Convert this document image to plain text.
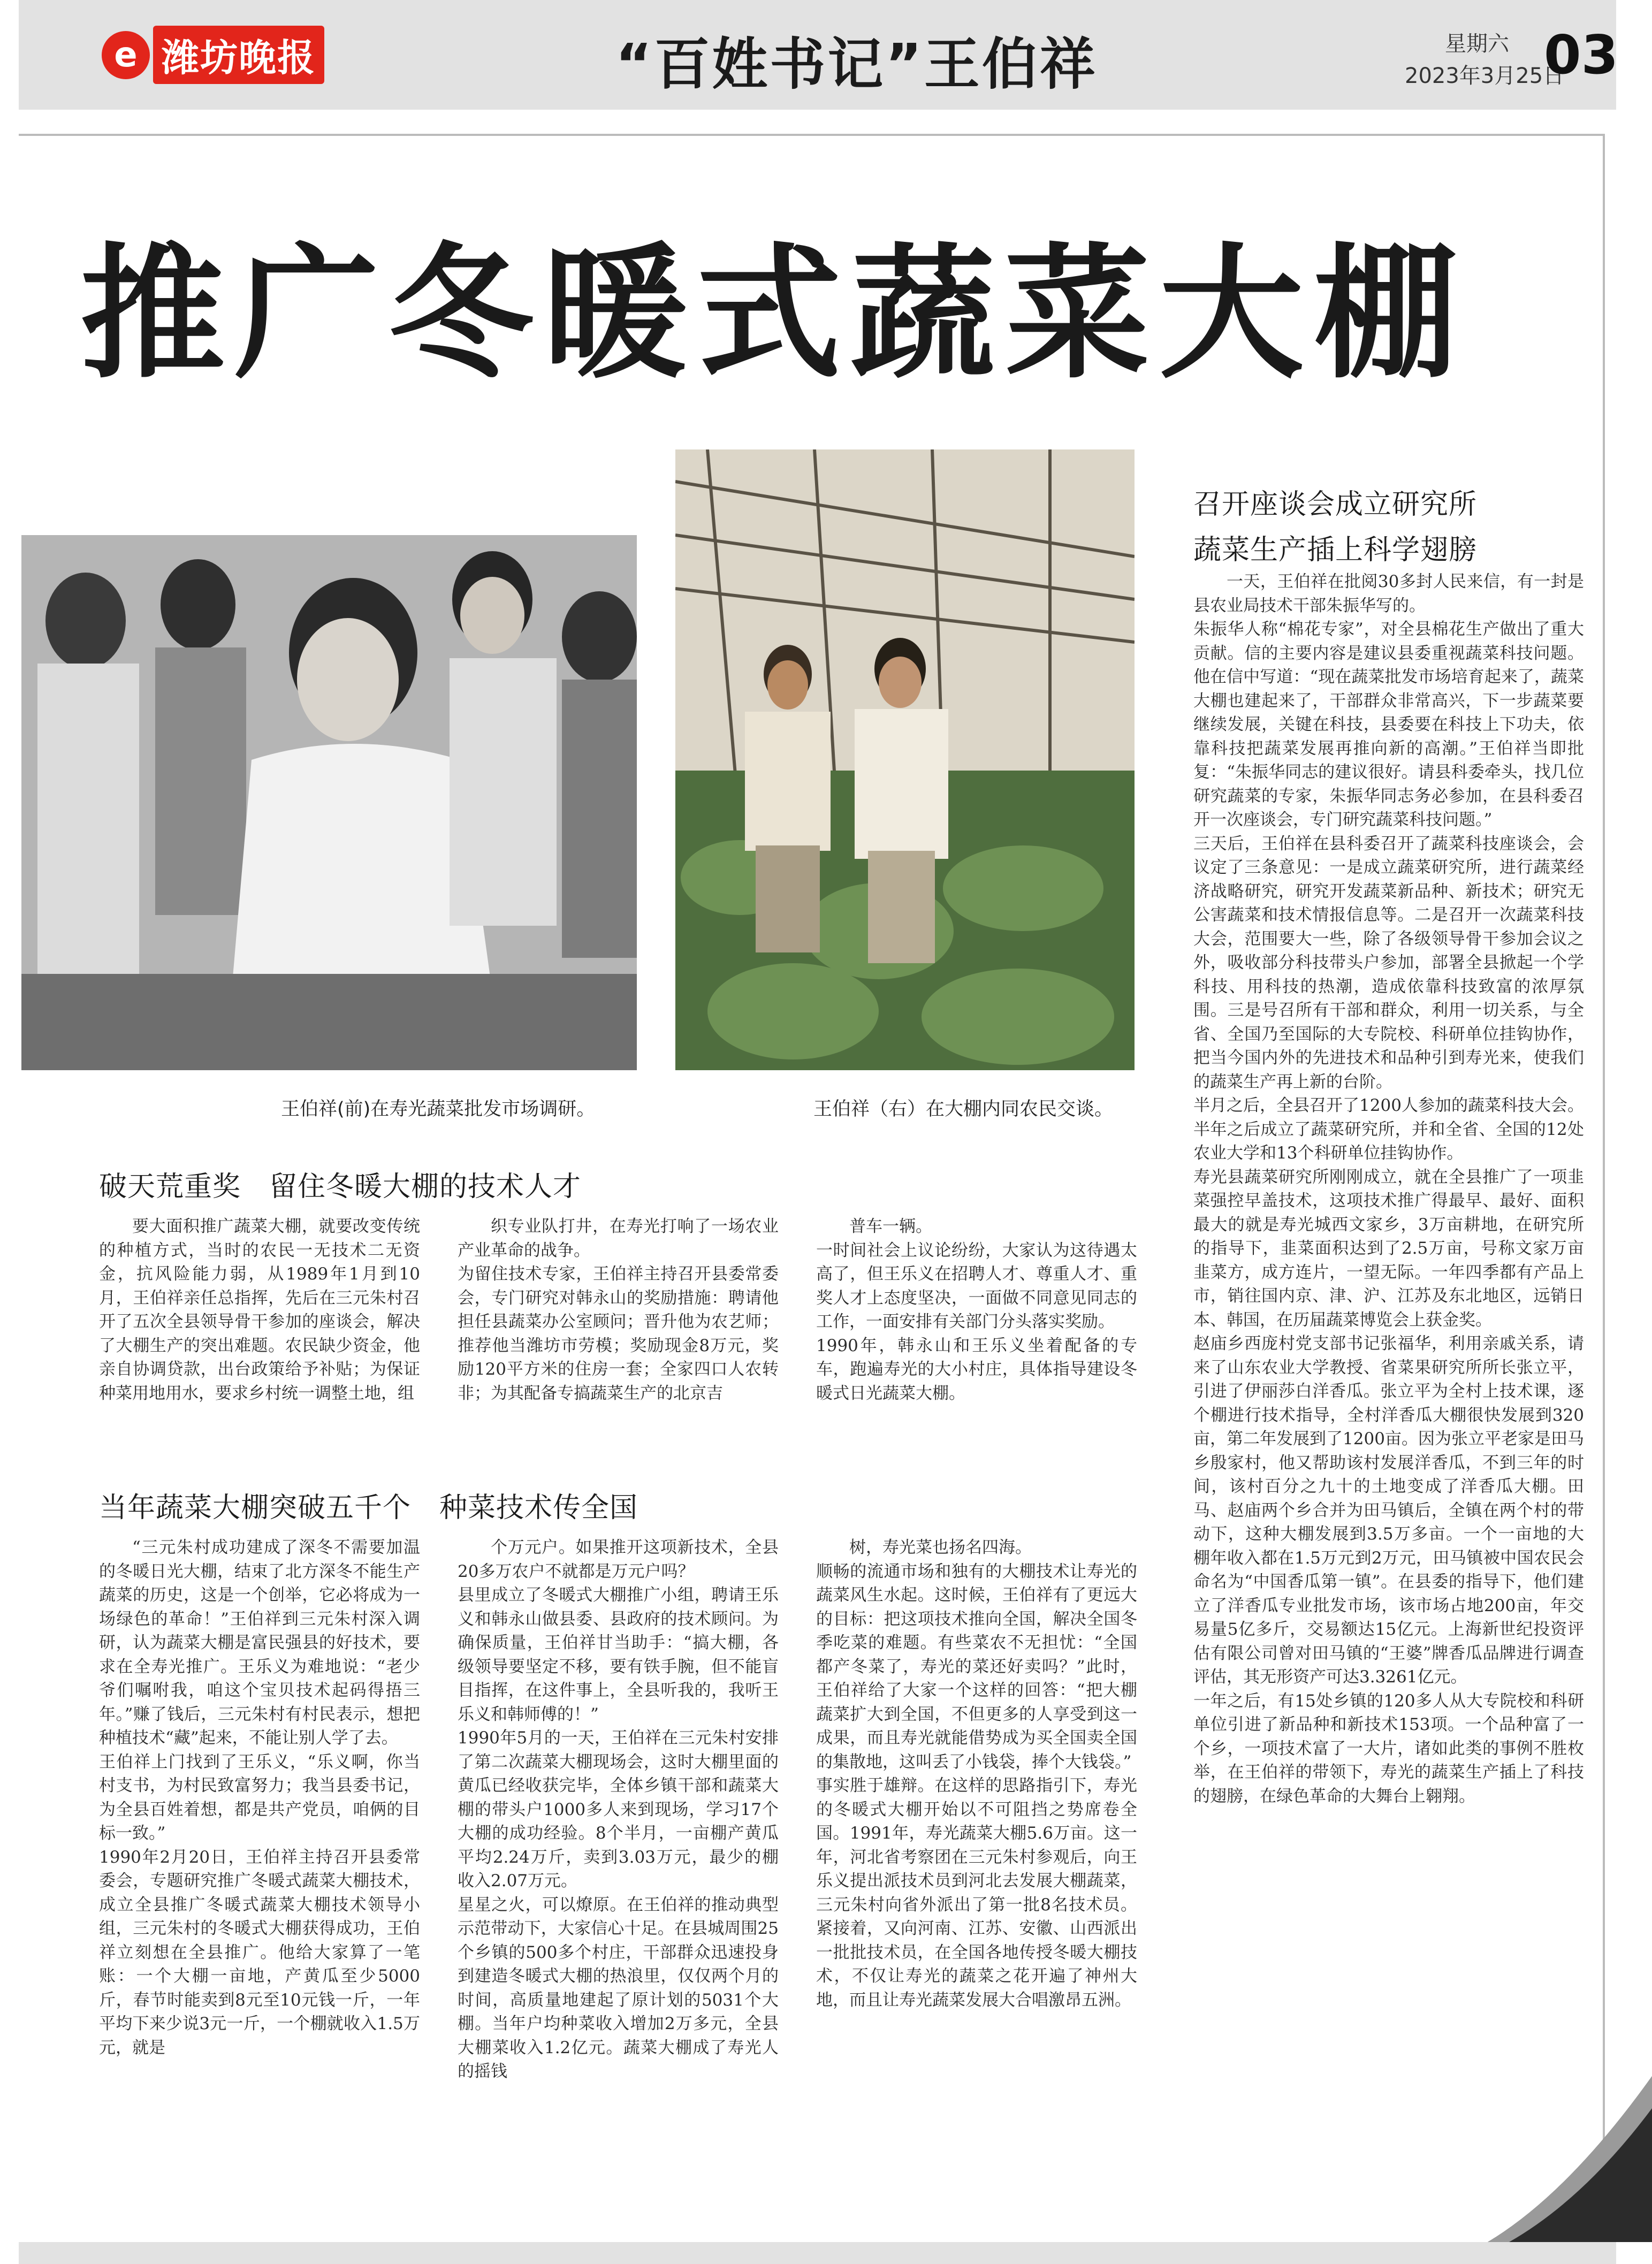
e 潍坊晚报	“百姓书记”王伯祥	星期六
2023年3月25日
03
推广冬暖式蔬菜大棚
王伯祥(前)在寿光蔬菜批发市场调研。	王伯祥（右）在大棚内同农民交谈。
破天荒重奖　留住冬暖大棚的技术人才

要大面积推广蔬菜大棚，就要改变传统的种植方式，当时的农民一无技术二无资金，抗风险能力弱，从1989年1月到10月，王伯祥亲任总指挥，先后在三元朱村召开了五次全县领导骨干参加的座谈会，解决了大棚生产的突出难题。农民缺少资金，他亲自协调贷款，出台政策给予补贴；为保证种菜用地用水，要求乡村统一调整土地，组

织专业队打井，在寿光打响了一场农业产业革命的战争。
为留住技术专家，王伯祥主持召开县委常委会，专门研究对韩永山的奖励措施：聘请他担任县蔬菜办公室顾问；晋升他为农艺师；推荐他当潍坊市劳模；奖励现金8万元，奖励120平方米的住房一套；全家四口人农转非；为其配备专搞蔬菜生产的北京吉

普车一辆。
一时间社会上议论纷纷，大家认为这待遇太高了，但王乐义在招聘人才、尊重人才、重奖人才上态度坚决，一面做不同意见同志的工作，一面安排有关部门分头落实奖励。
1990年，韩永山和王乐义坐着配备的专车，跑遍寿光的大小村庄，具体指导建设冬暖式日光蔬菜大棚。

当年蔬菜大棚突破五千个　种菜技术传全国

“三元朱村成功建成了深冬不需要加温的冬暖日光大棚，结束了北方深冬不能生产蔬菜的历史，这是一个创举，它必将成为一场绿色的革命！”王伯祥到三元朱村深入调研，认为蔬菜大棚是富民强县的好技术，要求在全寿光推广。王乐义为难地说：“老少爷们嘱咐我，咱这个宝贝技术起码得捂三年。”赚了钱后，三元朱村有村民表示，想把种植技术“藏”起来，不能让别人学了去。
王伯祥上门找到了王乐义，“乐义啊，你当村支书，为村民致富努力；我当县委书记，为全县百姓着想，都是共产党员，咱俩的目标一致。”
1990年2月20日，王伯祥主持召开县委常委会，专题研究推广冬暖式蔬菜大棚技术，成立全县推广冬暖式蔬菜大棚技术领导小组，三元朱村的冬暖式大棚获得成功，王伯祥立刻想在全县推广。他给大家算了一笔账：一个大棚一亩地，产黄瓜至少5000斤，春节时能卖到8元至10元钱一斤，一年平均下来少说3元一斤，一个棚就收入1.5万元，就是

个万元户。如果推开这项新技术，全县20多万农户不就都是万元户吗？
县里成立了冬暖式大棚推广小组，聘请王乐义和韩永山做县委、县政府的技术顾问。为确保质量，王伯祥甘当助手：“搞大棚，各级领导要坚定不移，要有铁手腕，但不能盲目指挥，在这件事上，全县听我的，我听王乐义和韩师傅的！”
1990年5月的一天，王伯祥在三元朱村安排了第二次蔬菜大棚现场会，这时大棚里面的黄瓜已经收获完毕，全体乡镇干部和蔬菜大棚的带头户1000多人来到现场，学习17个大棚的成功经验。8个半月，一亩棚产黄瓜平均2.24万斤，卖到3.03万元，最少的棚收入2.07万元。
星星之火，可以燎原。在王伯祥的推动典型示范带动下，大家信心十足。在县城周围25个乡镇的500多个村庄，干部群众迅速投身到建造冬暖式大棚的热浪里，仅仅两个月的时间，高质量地建起了原计划的5031个大棚。当年户均种菜收入增加2万多元，全县大棚菜收入1.2亿元。蔬菜大棚成了寿光人的摇钱

树，寿光菜也扬名四海。
顺畅的流通市场和独有的大棚技术让寿光的蔬菜风生水起。这时候，王伯祥有了更远大的目标：把这项技术推向全国，解决全国冬季吃菜的难题。有些菜农不无担忧：“全国都产冬菜了，寿光的菜还好卖吗？”此时，王伯祥给了大家一个这样的回答：“把大棚蔬菜扩大到全国，不但更多的人享受到这一成果，而且寿光就能借势成为买全国卖全国的集散地，这叫丢了小钱袋，捧个大钱袋。”
事实胜于雄辩。在这样的思路指引下，寿光的冬暖式大棚开始以不可阻挡之势席卷全国。1991年，寿光蔬菜大棚5.6万亩。这一年，河北省考察团在三元朱村参观后，向王乐义提出派技术员到河北去发展大棚蔬菜，三元朱村向省外派出了第一批8名技术员。紧接着，又向河南、江苏、安徽、山西派出一批批技术员，在全国各地传授冬暖大棚技术，不仅让寿光的蔬菜之花开遍了神州大地，而且让寿光蔬菜发展大合唱激昂五洲。

召开座谈会成立研究所
蔬菜生产插上科学翅膀

一天，王伯祥在批阅30多封人民来信，有一封是县农业局技术干部朱振华写的。
朱振华人称“棉花专家”，对全县棉花生产做出了重大贡献。信的主要内容是建议县委重视蔬菜科技问题。他在信中写道：“现在蔬菜批发市场培育起来了，蔬菜大棚也建起来了，干部群众非常高兴，下一步蔬菜要继续发展，关键在科技，县委要在科技上下功夫，依靠科技把蔬菜发展再推向新的高潮。”王伯祥当即批复：“朱振华同志的建议很好。请县科委牵头，找几位研究蔬菜的专家，朱振华同志务必参加，在县科委召开一次座谈会，专门研究蔬菜科技问题。”
三天后，王伯祥在县科委召开了蔬菜科技座谈会，会议定了三条意见：一是成立蔬菜研究所，进行蔬菜经济战略研究，研究开发蔬菜新品种、新技术；研究无公害蔬菜和技术情报信息等。二是召开一次蔬菜科技大会，范围要大一些，除了各级领导骨干参加会议之外，吸收部分科技带头户参加，部署全县掀起一个学科技、用科技的热潮，造成依靠科技致富的浓厚氛围。三是号召所有干部和群众，利用一切关系，与全省、全国乃至国际的大专院校、科研单位挂钩协作，把当今国内外的先进技术和品种引到寿光来，使我们的蔬菜生产再上新的台阶。
半月之后，全县召开了1200人参加的蔬菜科技大会。半年之后成立了蔬菜研究所，并和全省、全国的12处农业大学和13个科研单位挂钩协作。
寿光县蔬菜研究所刚刚成立，就在全县推广了一项韭菜强控早盖技术，这项技术推广得最早、最好、面积最大的就是寿光城西文家乡，3万亩耕地，在研究所的指导下，韭菜面积达到了2.5万亩，号称文家万亩韭菜方，成方连片，一望无际。一年四季都有产品上市，销往国内京、津、沪、江苏及东北地区，远销日本、韩国，在历届蔬菜博览会上获金奖。
赵庙乡西庞村党支部书记张福华，利用亲戚关系，请来了山东农业大学教授、省菜果研究所所长张立平，引进了伊丽莎白洋香瓜。张立平为全村上技术课，逐个棚进行技术指导，全村洋香瓜大棚很快发展到320亩，第二年发展到了1200亩。因为张立平老家是田马乡殷家村，他又帮助该村发展洋香瓜，不到三年的时间，该村百分之九十的土地变成了洋香瓜大棚。田马、赵庙两个乡合并为田马镇后，全镇在两个村的带动下，这种大棚发展到3.5万多亩。一个一亩地的大棚年收入都在1.5万元到2万元，田马镇被中国农民会命名为“中国香瓜第一镇”。在县委的指导下，他们建立了洋香瓜专业批发市场，该市场占地200亩，年交易量5亿多斤，交易额达15亿元。上海新世纪投资评估有限公司曾对田马镇的“王婆”牌香瓜品牌进行调查评估，其无形资产可达3.3261亿元。
一年之后，有15处乡镇的120多人从大专院校和科研单位引进了新品种和新技术153项。一个品种富了一个乡，一项技术富了一大片，诸如此类的事例不胜枚举，在王伯祥的带领下，寿光的蔬菜生产插上了科技的翅膀，在绿色革命的大舞台上翱翔。
